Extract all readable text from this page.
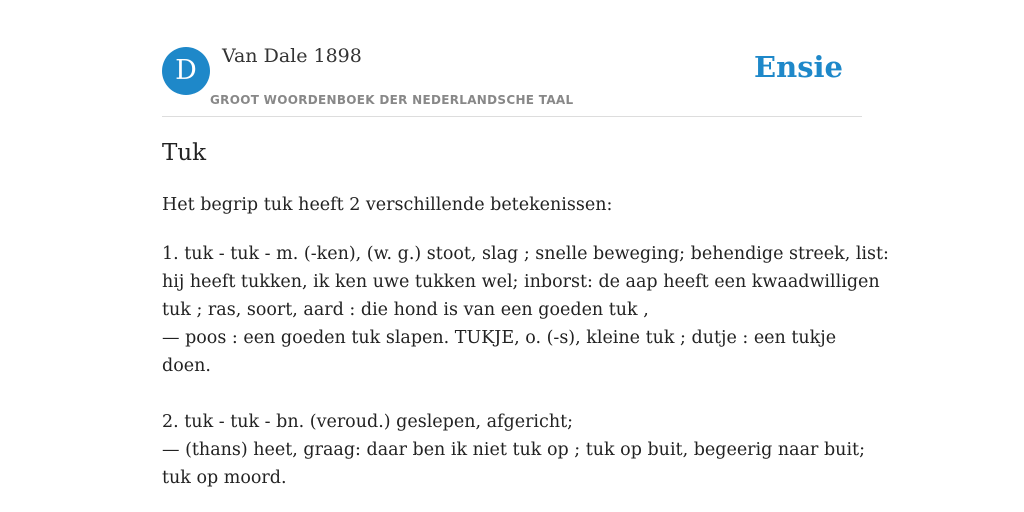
D	Van Dale 1898
GROOT WOORDENBOEK DER NEDERLANDSCHE TAAL
Ensie
Tuk
Het begrip tuk heeft 2 verschillende betekenissen:
1. tuk - tuk - m. (-ken), (w. g.) stoot, slag ; snelle beweging; behendige streek, list:
hij heeft tukken, ik ken uwe tukken wel; inborst: de aap heeft een kwaadwilligen
tuk ; ras, soort, aard : die hond is van een goeden tuk ,
— poos : een goeden tuk slapen. TUKJE, o. (-s), kleine tuk ; dutje : een tukje
doen.
2. tuk - tuk - bn. (veroud.) geslepen, afgericht;
— (thans) heet, graag: daar ben ik niet tuk op ; tuk op buit, begeerig naar buit;
tuk op moord.
